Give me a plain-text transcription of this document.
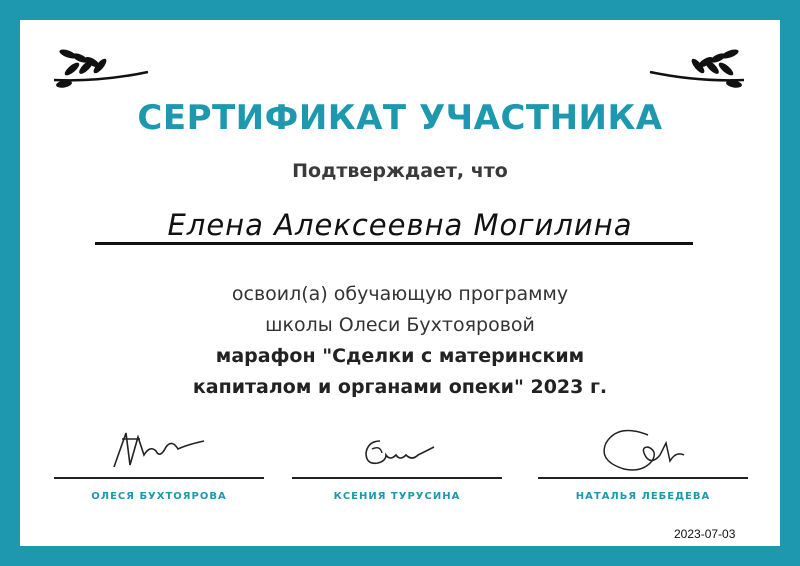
СЕРТИФИКАТ УЧАСТНИКА
Подтверждает, что
Елена Алексеевна Могилина
освоил(а) обучающую программу
школы Олеси Бухтояровой
марафон "Сделки с материнским
капиталом и органами опеки" 2023 г.
ОЛЕСЯ БУХТОЯРОВА	КСЕНИЯ ТУРУСИНА	НАТАЛЬЯ ЛЕБЕДЕВА
2023-07-03
